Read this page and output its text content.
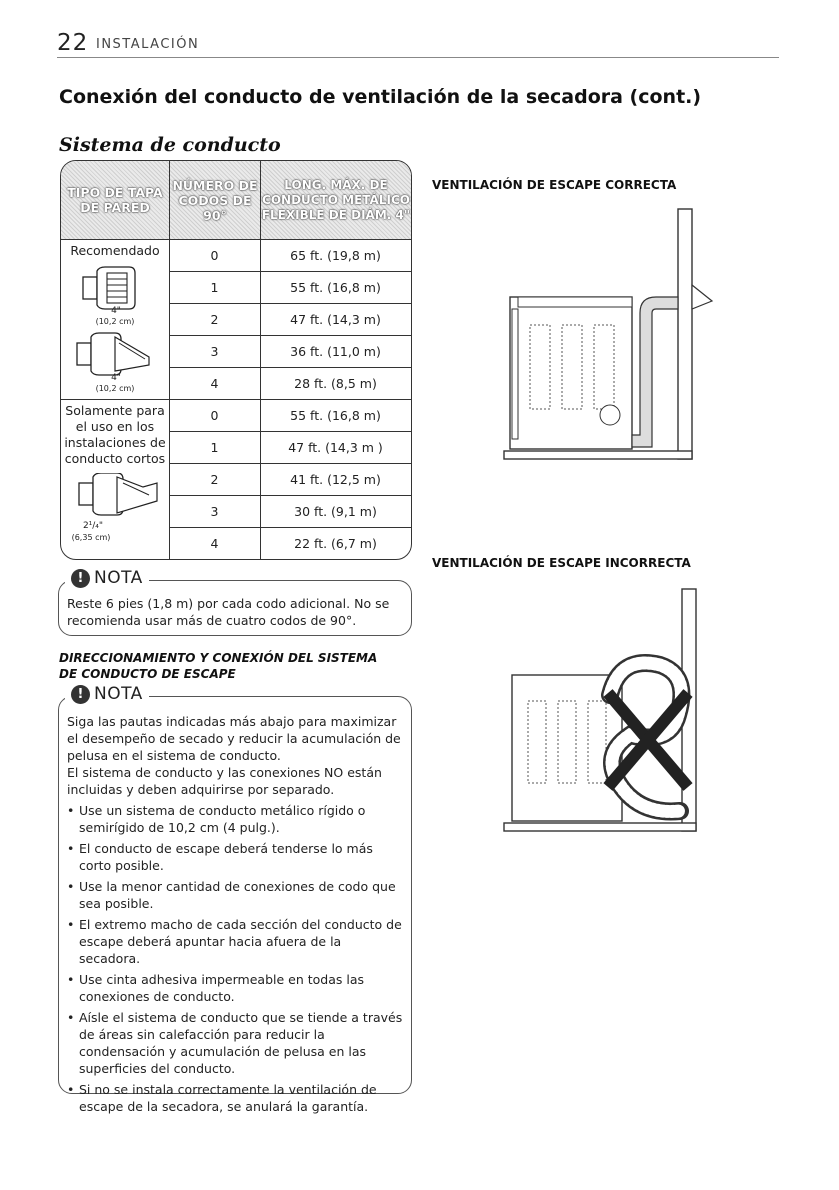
22 INSTALACIÓN
Conexión del conducto de ventilación de la secadora (cont.)
Sistema de conducto
TIPO DE TAPA DE PARED
NÚMERO DE CODOS DE 90°
LONG. MÁX. DE CONDUCTO METÁLICO FLEXIBLE DE DIÁM. 4"
Recomendado
4"
(10,2 cm)
4"
(10,2 cm)
0	65 ft. (19,8 m)
1	55 ft. (16,8 m)
2	47 ft. (14,3 m)
3	36 ft. (11,0 m)
4	28 ft. (8,5 m)
Solamente para el uso en los instalaciones de conducto cortos
2¹/₄"
(6,35 cm)
0	55 ft. (16,8 m)
1	47 ft. (14,3 m )
2	41 ft. (12,5 m)
3	30 ft. (9,1 m)
4	22 ft. (6,7 m)
! NOTA
Reste 6 pies (1,8 m) por cada codo adicional. No se recomienda usar más de cuatro codos de 90°.
DIRECCIONAMIENTO Y CONEXIÓN DEL SISTEMA DE CONDUCTO DE ESCAPE
! NOTA
Siga las pautas indicadas más abajo para maximizar el desempeño de secado y reducir la acumulación de pelusa en el sistema de conducto.
El sistema de conducto y las conexiones NO están incluidas y deben adquirirse por separado.
• Use un sistema de conducto metálico rígido o semirígido de 10,2 cm (4 pulg.).
• El conducto de escape deberá tenderse lo más corto posible.
• Use la menor cantidad de conexiones de codo que sea posible.
• El extremo macho de cada sección del conducto de escape deberá apuntar hacia afuera de la secadora.
• Use cinta adhesiva impermeable en todas las conexiones de conducto.
• Aísle el sistema de conducto que se tiende a través de áreas sin calefacción para reducir la condensación y acumulación de pelusa en las superficies del conducto.
• Si no se instala correctamente la ventilación de escape de la secadora, se anulará la garantía.
VENTILACIÓN DE ESCAPE CORRECTA
VENTILACIÓN DE ESCAPE INCORRECTA
